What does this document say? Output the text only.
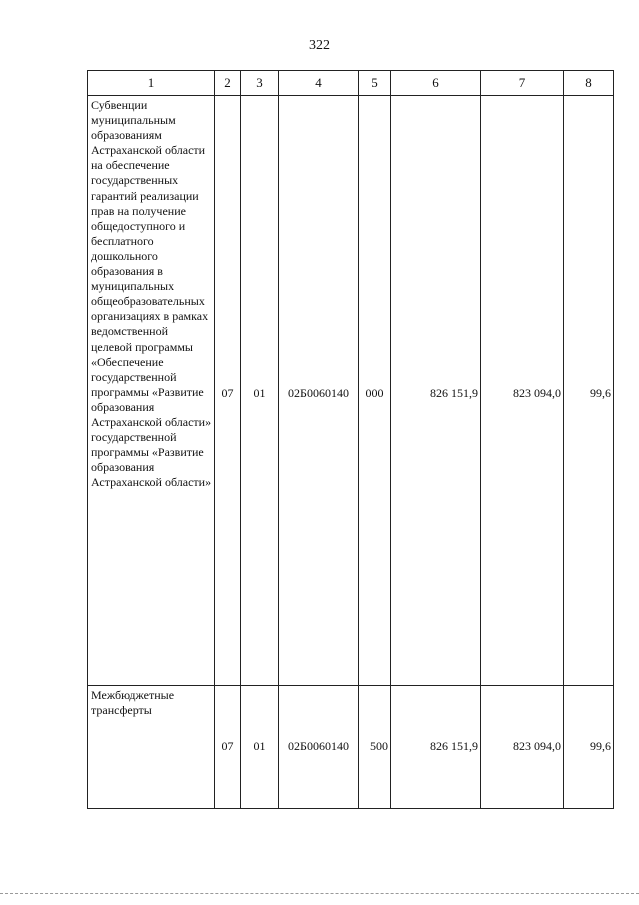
322
1	2	3	4	5	6	7	8
Субвенции муниципальным образованиям Астраханской области на обеспечение государственных гарантий реализации прав на получение общедоступного и бесплатного дошкольного образования в муниципальных общеобразовательных организациях в рамках ведомственной целевой программы «Обеспечение государственной программы «Развитие образования Астраханской области» государственной программы «Развитие образования Астраханской области»	07	01	02Б0060140	000	826 151,9	823 094,0	99,6

Межбюджетные трансферты	07	01	02Б0060140	500	826 151,9	823 094,0	99,6
